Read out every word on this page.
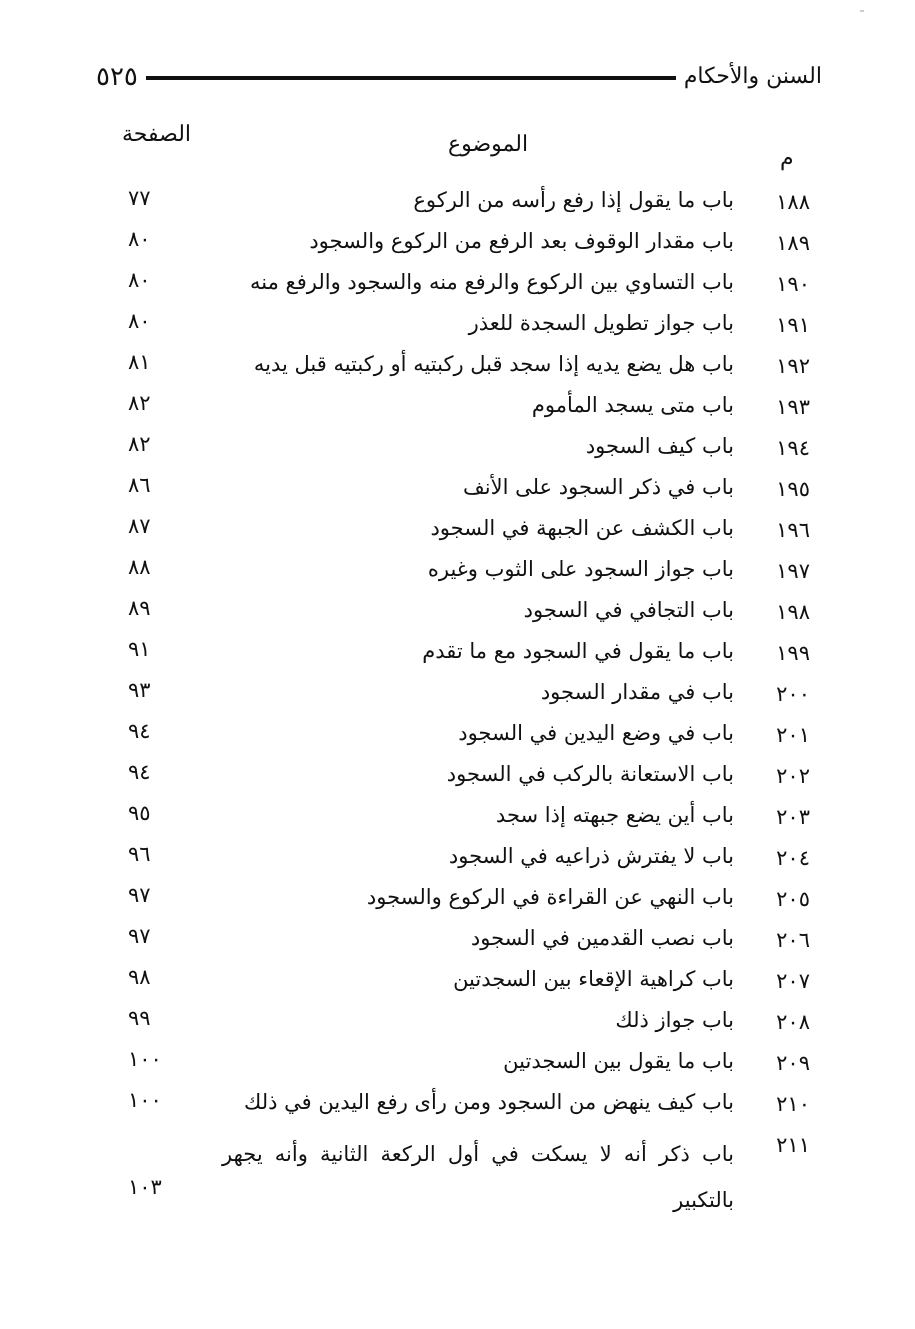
٥٢٥	السنن والأحكام
م
الموضوع
الصفحة
١٨٨
باب ما يقول إذا رفع رأسه من الركوع
٧٧
١٨٩
باب مقدار الوقوف بعد الرفع من الركوع والسجود
٨٠
١٩٠
باب التساوي بين الركوع والرفع منه والسجود والرفع منه
٨٠
١٩١
باب جواز تطويل السجدة للعذر
٨٠
١٩٢
باب هل يضع يديه إذا سجد قبل ركبتيه أو ركبتيه قبل يديه
٨١
١٩٣
باب متى يسجد المأموم
٨٢
١٩٤
باب كيف السجود
٨٢
١٩٥
باب في ذكر السجود على الأنف
٨٦
١٩٦
باب الكشف عن الجبهة في السجود
٨٧
١٩٧
باب جواز السجود على الثوب وغيره
٨٨
١٩٨
باب التجافي في السجود
٨٩
١٩٩
باب ما يقول في السجود مع ما تقدم
٩١
٢٠٠
باب في مقدار السجود
٩٣
٢٠١
باب في وضع اليدين في السجود
٩٤
٢٠٢
باب الاستعانة بالركب في السجود
٩٤
٢٠٣
باب أين يضع جبهته إذا سجد
٩٥
٢٠٤
باب لا يفترش ذراعيه في السجود
٩٦
٢٠٥
باب النهي عن القراءة في الركوع والسجود
٩٧
٢٠٦
باب نصب القدمين في السجود
٩٧
٢٠٧
باب كراهية الإقعاء بين السجدتين
٩٨
٢٠٨
باب جواز ذلك
٩٩
٢٠٩
باب ما يقول بين السجدتين
١٠٠
٢١٠
باب كيف ينهض من السجود ومن رأى رفع اليدين في ذلك
١٠٠
٢١١
باب ذكر أنه لا يسكت في أول الركعة الثانية وأنه يجهر بالتكبير
١٠٣
